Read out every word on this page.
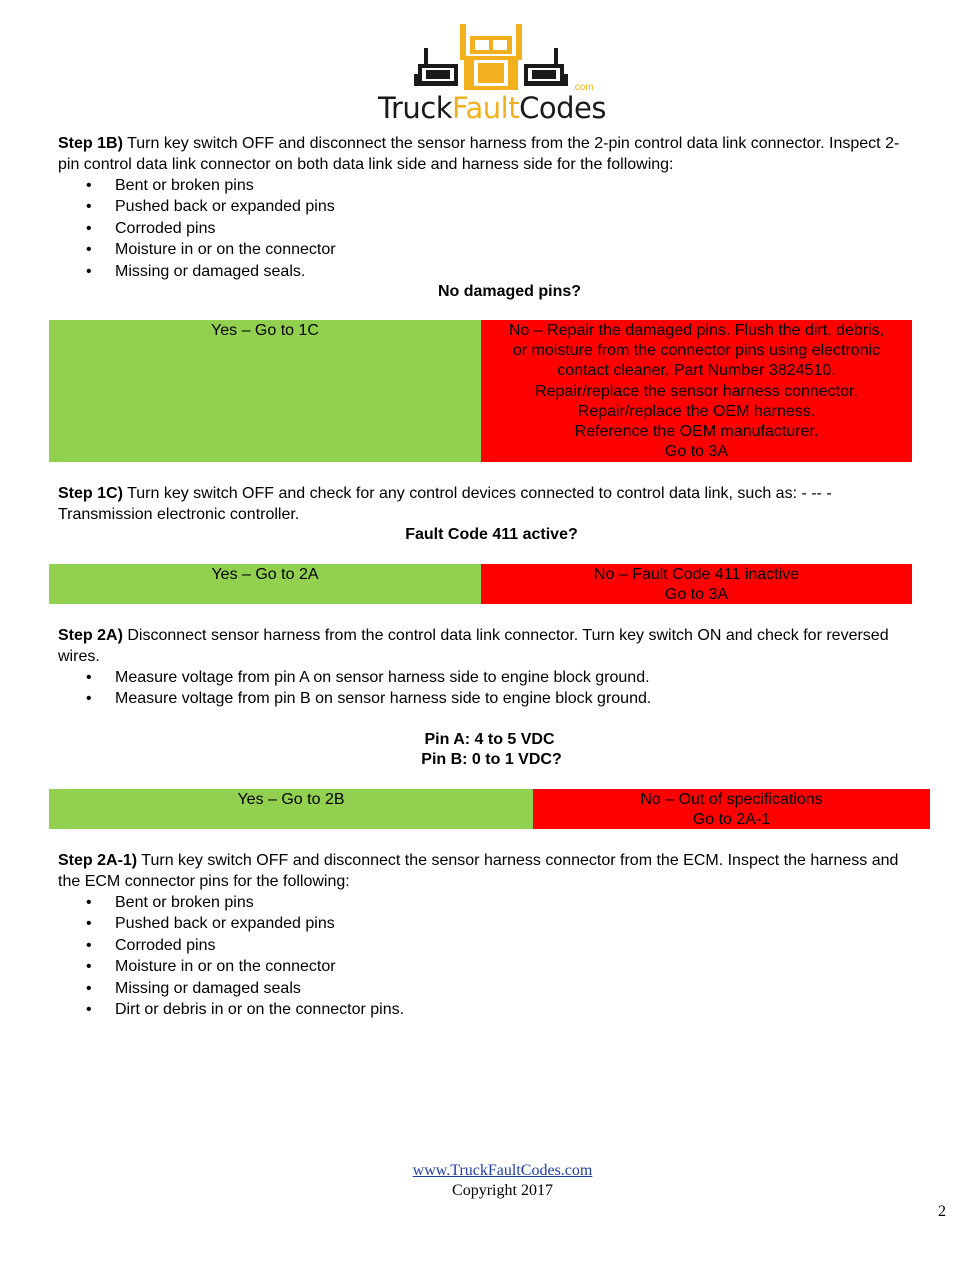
TruckFaultCodes
.com
Step 1B) Turn key switch OFF and disconnect the sensor harness from the 2-pin control data link connector. Inspect 2-pin control data link connector on both data link side and harness side for the following:
• Bent or broken pins
• Pushed back or expanded pins
• Corroded pins
• Moisture in or on the connector
• Missing or damaged seals.
No damaged pins?
Yes – Go to 1C	No – Repair the damaged pins. Flush the dirt, debris,
or moisture from the connector pins using electronic
contact cleaner, Part Number 3824510.
Repair/replace the sensor harness connector.
Repair/replace the OEM harness.
Reference the OEM manufacturer.
Go to 3A
Step 1C) Turn key switch OFF and check for any control devices connected to control data link, such as: - -- -Transmission electronic controller.
Fault Code 411 active?
Yes – Go to 2A	No – Fault Code 411 inactive
Go to 3A
Step 2A) Disconnect sensor harness from the control data link connector. Turn key switch ON and check for reversed wires.
• Measure voltage from pin A on sensor harness side to engine block ground.
• Measure voltage from pin B on sensor harness side to engine block ground.
Pin A: 4 to 5 VDC
Pin B: 0 to 1 VDC?
Yes – Go to 2B	No – Out of specifications
Go to 2A-1
Step 2A-1) Turn key switch OFF and disconnect the sensor harness connector from the ECM. Inspect the harness and the ECM connector pins for the following:
• Bent or broken pins
• Pushed back or expanded pins
• Corroded pins
• Moisture in or on the connector
• Missing or damaged seals
• Dirt or debris in or on the connector pins.
www.TruckFaultCodes.com
Copyright 2017
2
